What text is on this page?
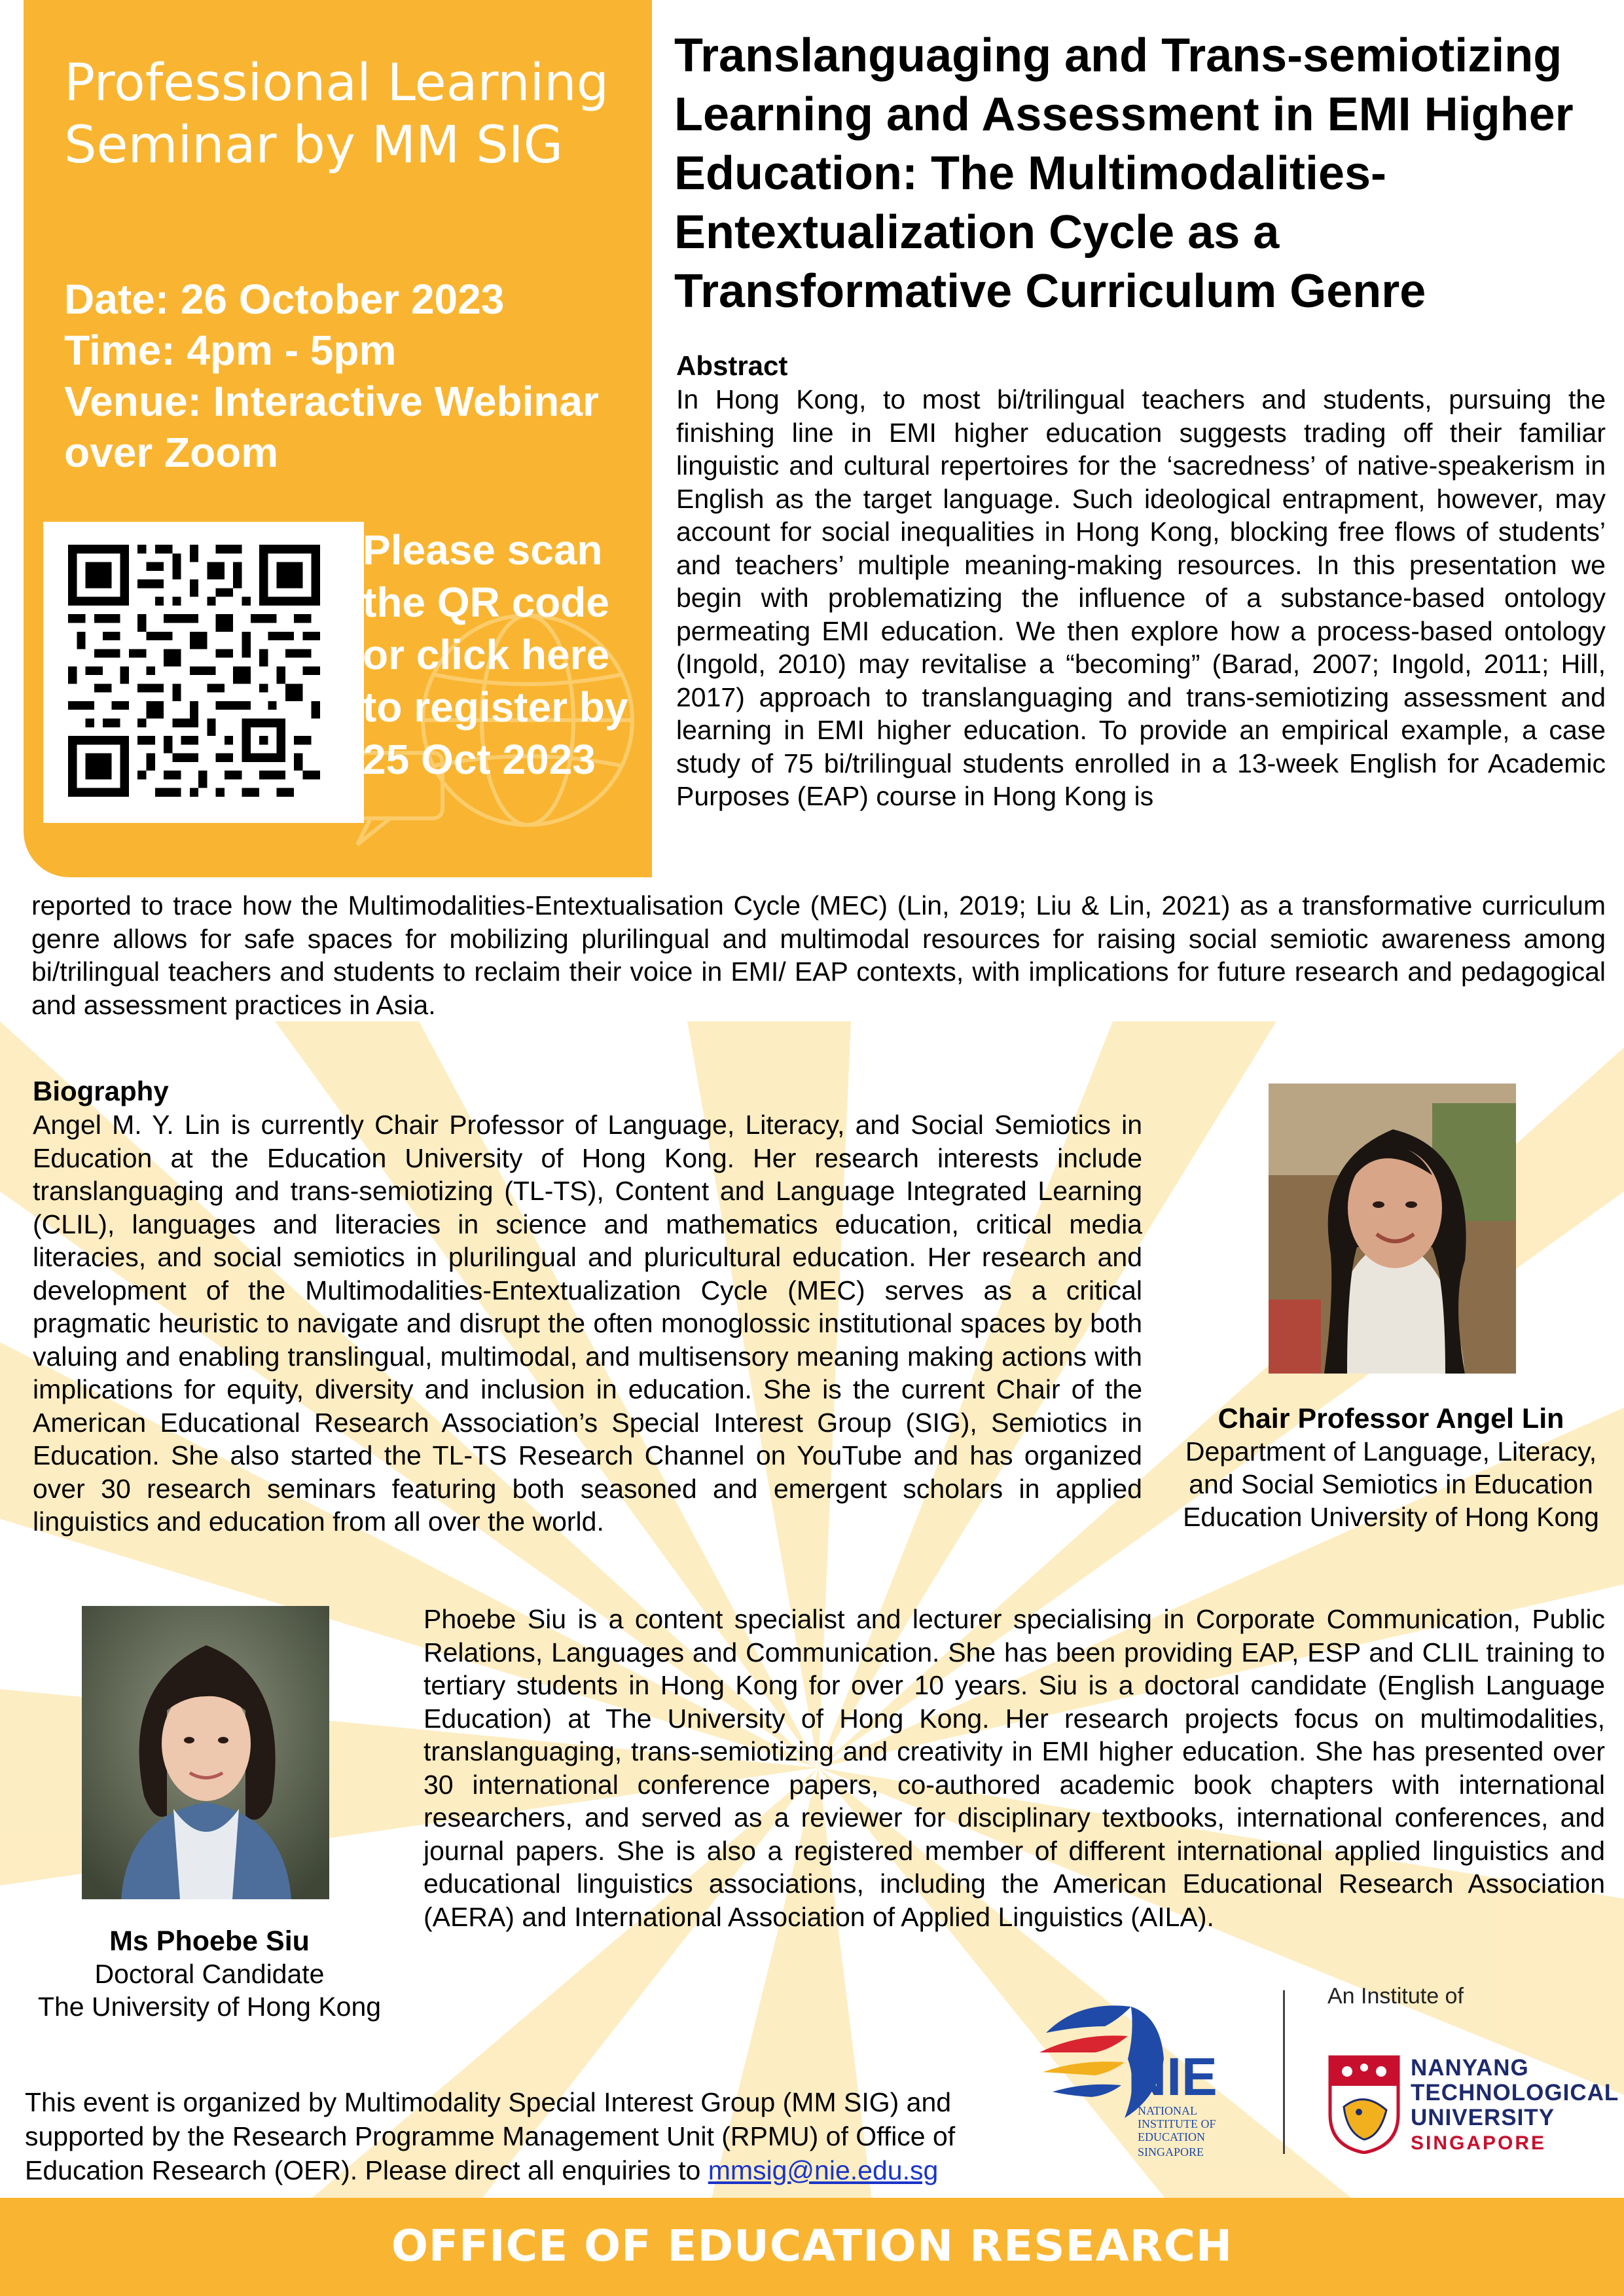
Professional Learning Seminar by MM SIG

Date: 26 October 2023

Time: 4pm - 5pm

Venue: Interactive Webinar over Zoom

Please scan the QR code or click here to register by 25 Oct 2023

Translanguaging and Trans-semiotizing Learning and Assessment in EMI Higher Education: The Multimodalities-Entextualization Cycle as a Transformative Curriculum Genre

Abstract

In Hong Kong, to most bi/trilingual teachers and students, pursuing the finishing line in EMI higher education suggests trading off their familiar linguistic and cultural repertoires for the ‘sacredness’ of native-speakerism in English as the target language. Such ideological entrapment, however, may account for social inequalities in Hong Kong, blocking free flows of students’ and teachers’ multiple meaning-making resources. In this presentation we begin with problematizing the influence of a substance-based ontology permeating EMI education. We then explore how a process-based ontology (Ingold, 2010) may revitalise a “becoming” (Barad, 2007; Ingold, 2011; Hill, 2017) approach to translanguaging and trans-semiotizing assessment and learning in EMI higher education. To provide an empirical example, a case study of 75 bi/trilingual students enrolled in a 13-week English for Academic Purposes (EAP) course in Hong Kong is

reported to trace how the Multimodalities-Entextualisation Cycle (MEC) (Lin, 2019; Liu & Lin, 2021) as a transformative curriculum genre allows for safe spaces for mobilizing plurilingual and multimodal resources for raising social semiotic awareness among bi/trilingual teachers and students to reclaim their voice in EMI/ EAP contexts, with implications for future research and pedagogical and assessment practices in Asia.

Biography

Angel M. Y. Lin is currently Chair Professor of Language, Literacy, and Social Semiotics in Education at the Education University of Hong Kong. Her research interests include translanguaging and trans-semiotizing (TL-TS), Content and Language Integrated Learning (CLIL), languages and literacies in science and mathematics education, critical media literacies, and social semiotics in plurilingual and pluricultural education. Her research and development of the Multimodalities-Entextualization Cycle (MEC) serves as a critical pragmatic heuristic to navigate and disrupt the often monoglossic institutional spaces by both valuing and enabling translingual, multimodal, and multisensory meaning making actions with implications for equity, diversity and inclusion in education. She is the current Chair of the American Educational Research Association’s Special Interest Group (SIG), Semiotics in Education. She also started the TL-TS Research Channel on YouTube and has organized over 30 research seminars featuring both seasoned and emergent scholars in applied linguistics and education from all over the world.

Chair Professor Angel Lin
Department of Language, Literacy,
and Social Semiotics in Education
Education University of Hong Kong

Ms Phoebe Siu
Doctoral Candidate
The University of Hong Kong

Phoebe Siu is a content specialist and lecturer specialising in Corporate Communication, Public Relations, Languages and Communication. She has been providing EAP, ESP and CLIL training to tertiary students in Hong Kong for over 10 years. Siu is a doctoral candidate (English Language Education) at The University of Hong Kong. Her research projects focus on multimodalities, translanguaging, trans-semiotizing and creativity in EMI higher education. She has presented over 30 international conference papers, co-authored academic book chapters with international researchers, and served as a reviewer for disciplinary textbooks, international conferences, and journal papers. She is also a registered member of different international applied linguistics and educational linguistics associations, including the American Educational Research Association (AERA) and International Association of Applied Linguistics (AILA).

This event is organized by Multimodality Special Interest Group (MM SIG) and supported by the Research Programme Management Unit (RPMU) of Office of Education Research (OER). Please direct all enquiries to mmsig@nie.edu.sg

NIE
NATIONAL
INSTITUTE OF
EDUCATION
SINGAPORE

An Institute of

NANYANG
TECHNOLOGICAL
UNIVERSITY
SINGAPORE

OFFICE OF EDUCATION RESEARCH
